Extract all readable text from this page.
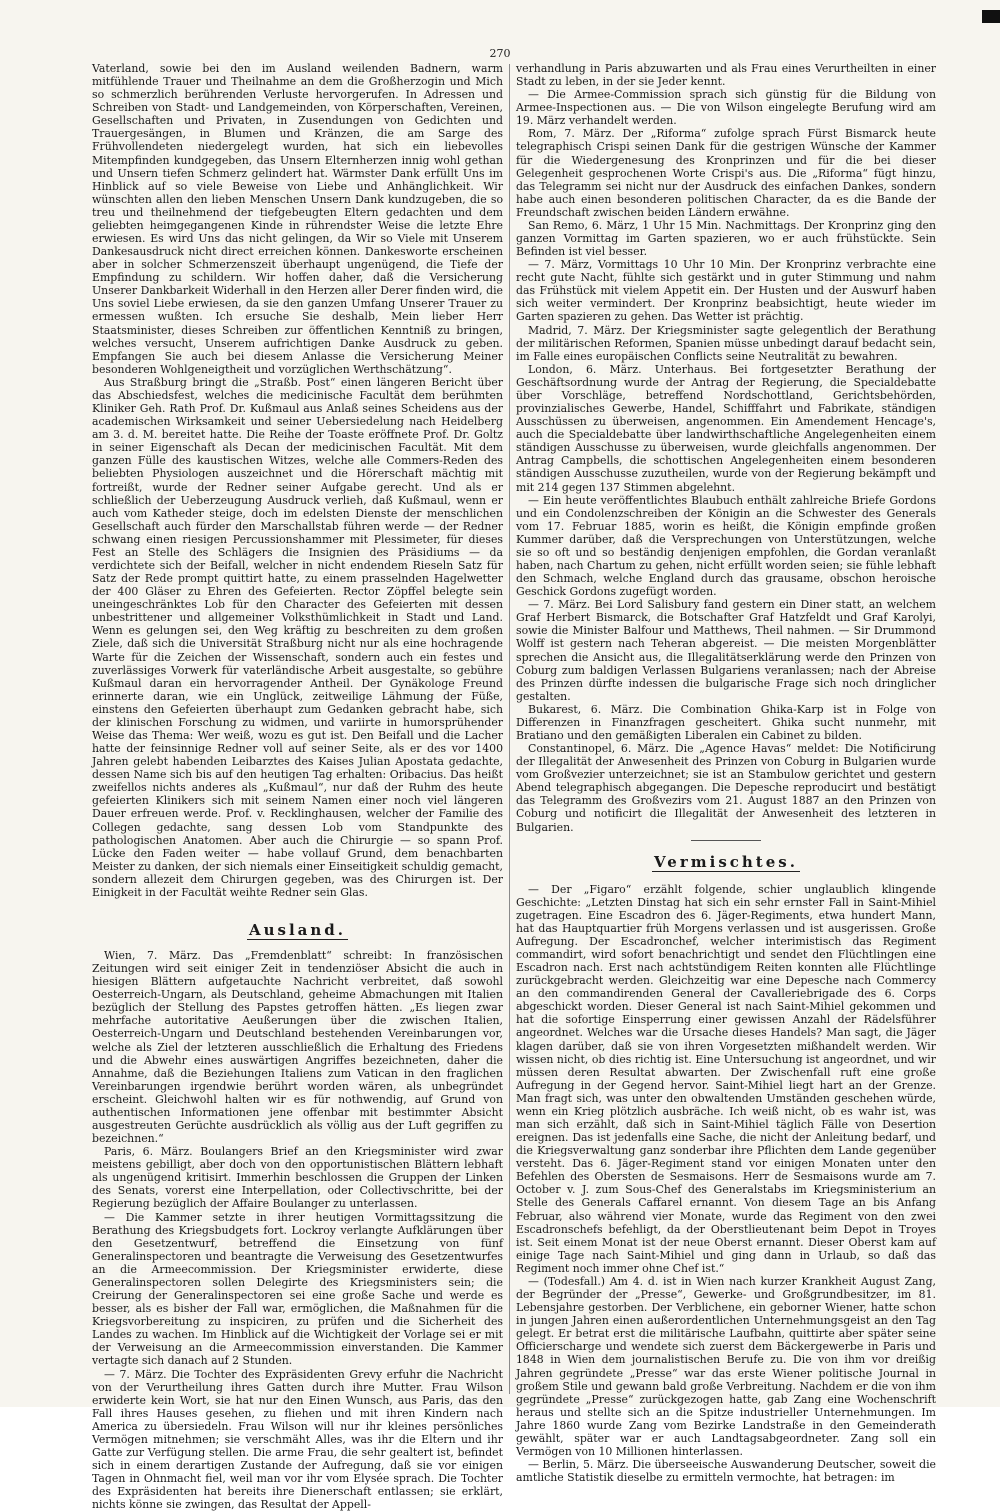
270

Vaterland, sowie bei den im Ausland weilenden Badnern, warm mitfühlende Trauer und Theilnahme an dem die Großherzogin und Mich so schmerzlich berührenden Verluste hervorgerufen. In Adressen und Schreiben von Stadt- und Landgemeinden, von Körperschaften, Vereinen, Gesellschaften und Privaten, in Zusendungen von Gedichten und Trauergesängen, in Blumen und Kränzen, die am Sarge des Frühvollendeten niedergelegt wurden, hat sich ein liebevolles Mitempfinden kundgegeben, das Unsern Elternherzen innig wohl gethan und Unsern tiefen Schmerz gelindert hat. Wärmster Dank erfüllt Uns im Hinblick auf so viele Beweise von Liebe und Anhänglichkeit. Wir wünschten allen den lieben Menschen Unsern Dank kundzugeben, die so treu und theilnehmend der tiefgebeugten Eltern gedachten und dem geliebten heimgegangenen Kinde in rührendster Weise die letzte Ehre erwiesen. Es wird Uns das nicht gelingen, da Wir so Viele mit Unserem Dankesausdruck nicht direct erreichen können. Dankesworte erscheinen aber in solcher Schmerzenszeit überhaupt ungenügend, die Tiefe der Empfindung zu schildern. Wir hoffen daher, daß die Versicherung Unserer Dankbarkeit Widerhall in den Herzen aller Derer finden wird, die Uns soviel Liebe erwiesen, da sie den ganzen Umfang Unserer Trauer zu ermessen wußten. Ich ersuche Sie deshalb, Mein lieber Herr Staatsminister, dieses Schreiben zur öffentlichen Kenntniß zu bringen, welches versucht, Unserem aufrichtigen Danke Ausdruck zu geben. Empfangen Sie auch bei diesem Anlasse die Versicherung Meiner besonderen Wohlgeneigtheit und vorzüglichen Werthschätzung“.

Aus Straßburg bringt die „Straßb. Post“ einen längeren Bericht über das Abschiedsfest, welches die medicinische Facultät dem berühmten Kliniker Geh. Rath Prof. Dr. Kußmaul aus Anlaß seines Scheidens aus der academischen Wirksamkeit und seiner Uebersiedelung nach Heidelberg am 3. d. M. bereitet hatte. Die Reihe der Toaste eröffnete Prof. Dr. Goltz in seiner Eigenschaft als Decan der medicinischen Facultät. Mit dem ganzen Fülle des kaustischen Witzes, welche alle Commers-Reden des beliebten Physiologen auszeichnet und die Hörerschaft mächtig mit fortreißt, wurde der Redner seiner Aufgabe gerecht. Und als er schließlich der Ueberzeugung Ausdruck verlieh, daß Kußmaul, wenn er auch vom Katheder steige, doch im edelsten Dienste der menschlichen Gesellschaft auch fürder den Marschallstab führen werde — der Redner schwang einen riesigen Percussionshammer mit Plessimeter, für dieses Fest an Stelle des Schlägers die Insignien des Präsidiums — da verdichtete sich der Beifall, welcher in nicht endendem Rieseln Satz für Satz der Rede prompt quittirt hatte, zu einem prasselnden Hagelwetter der 400 Gläser zu Ehren des Gefeierten. Rector Zöpffel belegte sein uneingeschränktes Lob für den Character des Gefeierten mit dessen unbestrittener und allgemeiner Volksthümlichkeit in Stadt und Land. Wenn es gelungen sei, den Weg kräftig zu beschreiten zu dem großen Ziele, daß sich die Universität Straßburg nicht nur als eine hochragende Warte für die Zeichen der Wissenschaft, sondern auch ein festes und zuverlässiges Vorwerk für vaterländische Arbeit ausgestalte, so gebühre Kußmaul daran ein hervorragender Antheil. Der Gynäkologe Freund erinnerte daran, wie ein Unglück, zeitweilige Lähmung der Füße, einstens den Gefeierten überhaupt zum Gedanken gebracht habe, sich der klinischen Forschung zu widmen, und variirte in humorsprühender Weise das Thema: Wer weiß, wozu es gut ist. Den Beifall und die Lacher hatte der feinsinnige Redner voll auf seiner Seite, als er des vor 1400 Jahren gelebt habenden Leibarztes des Kaises Julian Apostata gedachte, dessen Name sich bis auf den heutigen Tag erhalten: Oribacius. Das heißt zweifellos nichts anderes als „Kußmaul“, nur daß der Ruhm des heute gefeierten Klinikers sich mit seinem Namen einer noch viel längeren Dauer erfreuen werde. Prof. v. Recklinghausen, welcher der Familie des Collegen gedachte, sang dessen Lob vom Standpunkte des pathologischen Anatomen. Aber auch die Chirurgie — so spann Prof. Lücke den Faden weiter — habe vollauf Grund, dem benachbarten Meister zu danken, der sich niemals einer Einseitigkeit schuldig gemacht, sondern allezeit dem Chirurgen gegeben, was des Chirurgen ist. Der Einigkeit in der Facultät weihte Redner sein Glas.

Ausland.

Wien, 7. März. Das „Fremdenblatt“ schreibt: In französischen Zeitungen wird seit einiger Zeit in tendenziöser Absicht die auch in hiesigen Blättern aufgetauchte Nachricht verbreitet, daß sowohl Oesterreich-Ungarn, als Deutschland, geheime Abmachungen mit Italien bezüglich der Stellung des Papstes getroffen hätten. „Es liegen zwar mehrfache autoritative Aeußerungen über die zwischen Italien, Oesterreich-Ungarn und Deutschland bestehenden Vereinbarungen vor, welche als Ziel der letzteren ausschließlich die Erhaltung des Friedens und die Abwehr eines auswärtigen Angriffes bezeichneten, daher die Annahme, daß die Beziehungen Italiens zum Vatican in den fraglichen Vereinbarungen irgendwie berührt worden wären, als unbegründet erscheint. Gleichwohl halten wir es für nothwendig, auf Grund von authentischen Informationen jene offenbar mit bestimmter Absicht ausgestreuten Gerüchte ausdrücklich als völlig aus der Luft gegriffen zu bezeichnen.“

Paris, 6. März. Boulangers Brief an den Kriegsminister wird zwar meistens gebilligt, aber doch von den opportunistischen Blättern lebhaft als ungenügend kritisirt. Immerhin beschlossen die Gruppen der Linken des Senats, vorerst eine Interpellation, oder Collectivschritte, bei der Regierung bezüglich der Affaire Boulanger zu unterlassen.

— Die Kammer setzte in ihrer heutigen Vormittagssitzung die Berathung des Kriegsbudgets fort. Lockroy verlangte Aufklärungen über den Gesetzentwurf, betreffend die Einsetzung von fünf Generalinspectoren und beantragte die Verweisung des Gesetzentwurfes an die Armeecommission. Der Kriegsminister erwiderte, diese Generalinspectoren sollen Delegirte des Kriegsministers sein; die Creirung der Generalinspectoren sei eine große Sache und werde es besser, als es bisher der Fall war, ermöglichen, die Maßnahmen für die Kriegsvorbereitung zu inspiciren, zu prüfen und die Sicherheit des Landes zu wachen. Im Hinblick auf die Wichtigkeit der Vorlage sei er mit der Verweisung an die Armeecommission einverstanden. Die Kammer vertagte sich danach auf 2 Stunden.

— 7. März. Die Tochter des Expräsidenten Grevy erfuhr die Nachricht von der Verurtheilung ihres Gatten durch ihre Mutter. Frau Wilson erwiderte kein Wort, sie hat nur den Einen Wunsch, aus Paris, das den Fall ihres Hauses gesehen, zu fliehen und mit ihren Kindern nach America zu übersiedeln. Frau Wilson will nur ihr kleines persönliches Vermögen mitnehmen; sie verschmäht Alles, was ihr die Eltern und ihr Gatte zur Verfügung stellen. Die arme Frau, die sehr gealtert ist, befindet sich in einem derartigen Zustande der Aufregung, daß sie vor einigen Tagen in Ohnmacht fiel, weil man vor ihr vom Elysée sprach. Die Tochter des Expräsidenten hat bereits ihre Dienerschaft entlassen; sie erklärt, nichts könne sie zwingen, das Resultat der Appell-

verhandlung in Paris abzuwarten und als Frau eines Verurtheilten in einer Stadt zu leben, in der sie Jeder kennt.

— Die Armee-Commission sprach sich günstig für die Bildung von Armee-Inspectionen aus. — Die von Wilson eingelegte Berufung wird am 19. März verhandelt werden.

Rom, 7. März. Der „Riforma“ zufolge sprach Fürst Bismarck heute telegraphisch Crispi seinen Dank für die gestrigen Wünsche der Kammer für die Wiedergenesung des Kronprinzen und für die bei dieser Gelegenheit gesprochenen Worte Crispi's aus. Die „Riforma“ fügt hinzu, das Telegramm sei nicht nur der Ausdruck des einfachen Dankes, sondern habe auch einen besonderen politischen Character, da es die Bande der Freundschaft zwischen beiden Ländern erwähne.

San Remo, 6. März, 1 Uhr 15 Min. Nachmittags. Der Kronprinz ging den ganzen Vormittag im Garten spazieren, wo er auch frühstückte. Sein Befinden ist viel besser.

— 7. März, Vormittags 10 Uhr 10 Min. Der Kronprinz verbrachte eine recht gute Nacht, fühlte sich gestärkt und in guter Stimmung und nahm das Frühstück mit vielem Appetit ein. Der Husten und der Auswurf haben sich weiter vermindert. Der Kronprinz beabsichtigt, heute wieder im Garten spazieren zu gehen. Das Wetter ist prächtig.

Madrid, 7. März. Der Kriegsminister sagte gelegentlich der Berathung der militärischen Reformen, Spanien müsse unbedingt darauf bedacht sein, im Falle eines europäischen Conflicts seine Neutralität zu bewahren.

London, 6. März. Unterhaus. Bei fortgesetzter Berathung der Geschäftsordnung wurde der Antrag der Regierung, die Specialdebatte über Vorschläge, betreffend Nordschottland, Gerichtsbehörden, provinzialisches Gewerbe, Handel, Schifffahrt und Fabrikate, ständigen Ausschüssen zu überweisen, angenommen. Ein Amendement Hencage's, auch die Specialdebatte über landwirthschaftliche Angelegenheiten einem ständigen Ausschusse zu überweisen, wurde gleichfalls angenommen. Der Antrag Campbells, die schottischen Angelegenheiten einem besonderen ständigen Ausschusse zuzutheilen, wurde von der Regierung bekämpft und mit 214 gegen 137 Stimmen abgelehnt.

— Ein heute veröffentlichtes Blaubuch enthält zahlreiche Briefe Gordons und ein Condolenzschreiben der Königin an die Schwester des Generals vom 17. Februar 1885, worin es heißt, die Königin empfinde großen Kummer darüber, daß die Versprechungen von Unterstützungen, welche sie so oft und so beständig denjenigen empfohlen, die Gordan veranlaßt haben, nach Chartum zu gehen, nicht erfüllt worden seien; sie fühle lebhaft den Schmach, welche England durch das grausame, obschon heroische Geschick Gordons zugefügt worden.

— 7. März. Bei Lord Salisbury fand gestern ein Diner statt, an welchem Graf Herbert Bismarck, die Botschafter Graf Hatzfeldt und Graf Karolyi, sowie die Minister Balfour und Matthews, Theil nahmen. — Sir Drummond Wolff ist gestern nach Teheran abgereist. — Die meisten Morgenblätter sprechen die Ansicht aus, die Illegalitätserklärung werde den Prinzen von Coburg zum baldigen Verlassen Bulgariens veranlassen; nach der Abreise des Prinzen dürfte indessen die bulgarische Frage sich noch dringlicher gestalten.

Bukarest, 6. März. Die Combination Ghika-Karp ist in Folge von Differenzen in Finanzfragen gescheitert. Ghika sucht nunmehr, mit Bratiano und den gemäßigten Liberalen ein Cabinet zu bilden.

Constantinopel, 6. März. Die „Agence Havas“ meldet: Die Notificirung der Illegalität der Anwesenheit des Prinzen von Coburg in Bulgarien wurde vom Großvezier unterzeichnet; sie ist an Stambulow gerichtet und gestern Abend telegraphisch abgegangen. Die Depesche reproducirt und bestätigt das Telegramm des Großvezirs vom 21. August 1887 an den Prinzen von Coburg und notificirt die Illegalität der Anwesenheit des letzteren in Bulgarien.

Vermischtes.

— Der „Figaro“ erzählt folgende, schier unglaublich klingende Geschichte: „Letzten Dinstag hat sich ein sehr ernster Fall in Saint-Mihiel zugetragen. Eine Escadron des 6. Jäger-Regiments, etwa hundert Mann, hat das Hauptquartier früh Morgens verlassen und ist ausgerissen. Große Aufregung. Der Escadronchef, welcher interimistisch das Regiment commandirt, wird sofort benachrichtigt und sendet den Flüchtlingen eine Escadron nach. Erst nach achtstündigem Reiten konnten alle Flüchtlinge zurückgebracht werden. Gleichzeitig war eine Depesche nach Commercy an den commandirenden General der Cavalleriebrigade des 6. Corps abgeschickt worden. Dieser General ist nach Saint-Mihiel gekommen und hat die sofortige Einsperrung einer gewissen Anzahl der Rädelsführer angeordnet. Welches war die Ursache dieses Handels? Man sagt, die Jäger klagen darüber, daß sie von ihren Vorgesetzten mißhandelt werden. Wir wissen nicht, ob dies richtig ist. Eine Untersuchung ist angeordnet, und wir müssen deren Resultat abwarten. Der Zwischenfall ruft eine große Aufregung in der Gegend hervor. Saint-Mihiel liegt hart an der Grenze. Man fragt sich, was unter den obwaltenden Umständen geschehen würde, wenn ein Krieg plötzlich ausbräche. Ich weiß nicht, ob es wahr ist, was man sich erzählt, daß sich in Saint-Mihiel täglich Fälle von Desertion ereignen. Das ist jedenfalls eine Sache, die nicht der Anleitung bedarf, und die Kriegsverwaltung ganz sonderbar ihre Pflichten dem Lande gegenüber versteht. Das 6. Jäger-Regiment stand vor einigen Monaten unter den Befehlen des Obersten de Sesmaisons. Herr de Sesmaisons wurde am 7. October v. J. zum Sous-Chef des Generalstabs im Kriegsministerium an Stelle des Generals Caffarel ernannt. Von diesem Tage an bis Anfang Februar, also während vier Monate, wurde das Regiment von den zwei Escadronschefs befehligt, da der Oberstlieutenant beim Depot in Troyes ist. Seit einem Monat ist der neue Oberst ernannt. Dieser Oberst kam auf einige Tage nach Saint-Mihiel und ging dann in Urlaub, so daß das Regiment noch immer ohne Chef ist.“

— (Todesfall.) Am 4. d. ist in Wien nach kurzer Krankheit August Zang, der Begründer der „Presse“, Gewerke- und Großgrundbesitzer, im 81. Lebensjahre gestorben. Der Verblichene, ein geborner Wiener, hatte schon in jungen Jahren einen außerordentlichen Unternehmungsgeist an den Tag gelegt. Er betrat erst die militärische Laufbahn, quittirte aber später seine Officierscharge und wendete sich zuerst dem Bäckergewerbe in Paris und 1848 in Wien dem journalistischen Berufe zu. Die von ihm vor dreißig Jahren gegründete „Presse“ war das erste Wiener politische Journal in großem Stile und gewann bald große Verbreitung. Nachdem er die von ihm gegründete „Presse“ zurückgezogen hatte, gab Zang eine Wochenschrift heraus und stellte sich an die Spitze industrieller Unternehmungen. Im Jahre 1860 wurde Zang vom Bezirke Landstraße in den Gemeinderath gewählt, später war er auch Landtagsabgeordneter. Zang soll ein Vermögen von 10 Millionen hinterlassen.

— Berlin, 5. März. Die überseeische Auswanderung Deutscher, soweit die amtliche Statistik dieselbe zu ermitteln vermochte, hat betragen: im
